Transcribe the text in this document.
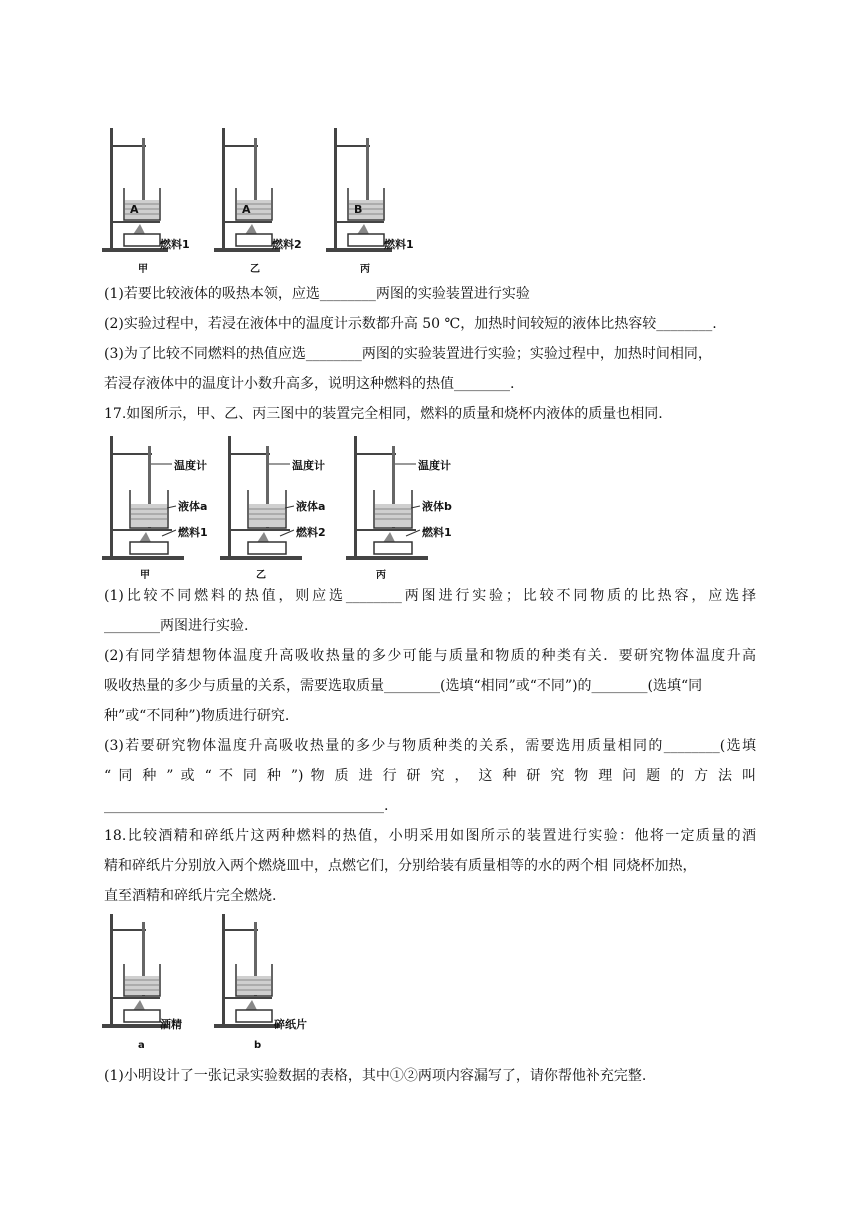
A	A	B
燃料1	燃料2	燃料1
甲	乙	丙
(1)若要比较液体的吸热本领，应选________两图的实验装置进行实验
(2)实验过程中，若浸在液体中的温度计示数都升高 50 ℃，加热时间较短的液体比热容较________.
(3)为了比较不同燃料的热值应选________两图的实验装置进行实验；实验过程中，加热时间相同，
若浸存液体中的温度计小数升高多，说明这种燃料的热值________.
17.如图所示，甲、乙、丙三图中的装置完全相同，燃料的质量和烧杯内液体的质量也相同.
温度计	温度计	温度计
液体a	液体a	液体b
燃料1	燃料2	燃料1
甲	乙	丙
(1)比较不同燃料的热值，则应选________两图进行实验；比较不同物质的比热容，应选择
________两图进行实验.
(2)有同学猜想物体温度升高吸收热量的多少可能与质量和物质的种类有关．要研究物体温度升高
吸收热量的多少与质量的关系，需要选取质量________(选填“相同”或“不同”)的________(选填“同
种”或“不同种”)物质进行研究.
(3)若要研究物体温度升高吸收热量的多少与物质种类的关系，需要选用质量相同的________(选填
“ 同 种 ” 或 “ 不 同 种 ”) 物 质 进 行 研 究 ， 这 种 研 究 物 理 问 题 的 方 法 叫
________________________________________.
18.比较酒精和碎纸片这两种燃料的热值，小明采用如图所示的装置进行实验：他将一定质量的酒
精和碎纸片分别放入两个燃烧皿中，点燃它们，分别给装有质量相等的水的两个相 同烧杯加热，
直至酒精和碎纸片完全燃烧.
酒精	碎纸片
a	b
(1)小明设计了一张记录实验数据的表格，其中①②两项内容漏写了，请你帮他补充完整.
